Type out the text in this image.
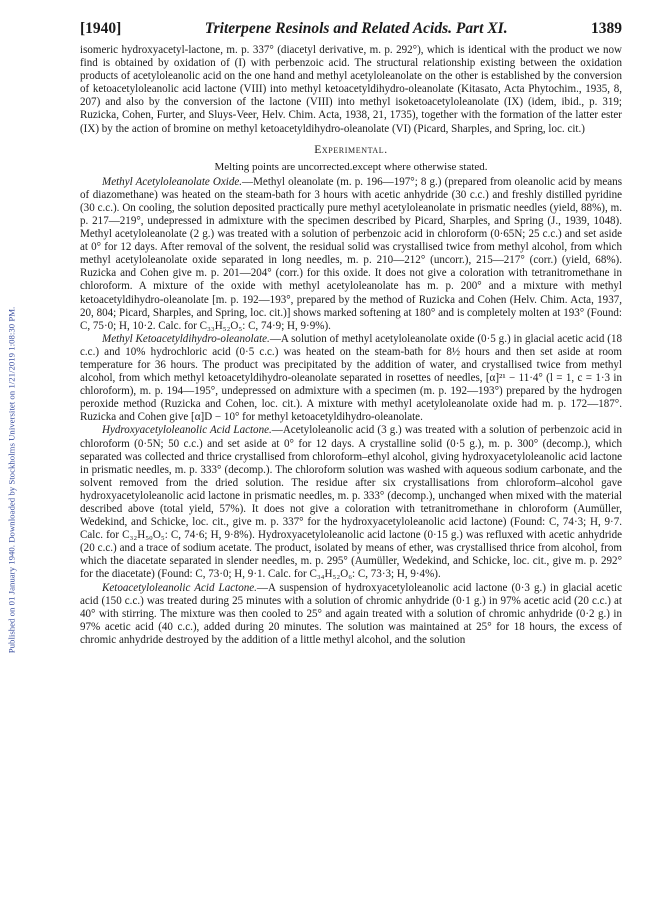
Published on 01 January 1940. Downloaded by Stockholms Universitet on 1/21/2019 1:08:30 PM.
[1940]	Triterpene Resinols and Related Acids. Part XI.	1389

isomeric hydroxyacetyl-lactone, m. p. 337° (diacetyl derivative, m. p. 292°), which is identical with the product we now find is obtained by oxidation of (I) with perbenzoic acid. The structural relationship existing between the oxidation products of acetyloleanolic acid on the one hand and methyl acetyloleanolate on the other is established by the conversion of ketoacetyloleanolic acid lactone (VIII) into methyl ketoacetyldihydro-oleanolate (Kitasato, Acta Phytochim., 1935, 8, 207) and also by the conversion of the lactone (VIII) into methyl isoketoacetyloleanolate (IX) (idem, ibid., p. 319; Ruzicka, Cohen, Furter, and Sluys-Veer, Helv. Chim. Acta, 1938, 21, 1735), together with the formation of the latter ester (IX) by the action of bromine on methyl ketoacetyldihydro-oleanolate (VI) (Picard, Sharples, and Spring, loc. cit.)

Experimental.
Melting points are uncorrected.except where otherwise stated.

Methyl Acetyloleanolate Oxide.—Methyl oleanolate (m. p. 196—197°; 8 g.) (prepared from oleanolic acid by means of diazomethane) was heated on the steam-bath for 3 hours with acetic anhydride (30 c.c.) and freshly distilled pyridine (30 c.c.). On cooling, the solution deposited practically pure methyl acetyloleanolate in prismatic needles (yield, 88%), m. p. 217—219°, undepressed in admixture with the specimen described by Picard, Sharples, and Spring (J., 1939, 1048). Methyl acetyloleanolate (2 g.) was treated with a solution of perbenzoic acid in chloroform (0·65N; 25 c.c.) and set aside at 0° for 12 days. After removal of the solvent, the residual solid was crystallised twice from methyl alcohol, from which methyl acetyloleanolate oxide separated in long needles, m. p. 210—212° (uncorr.), 215—217° (corr.) (yield, 68%). Ruzicka and Cohen give m. p. 201—204° (corr.) for this oxide. It does not give a coloration with tetranitromethane in chloroform. A mixture of the oxide with methyl acetyloleanolate has m. p. 200° and a mixture with methyl ketoacetyldihydro-oleanolate [m. p. 192—193°, prepared by the method of Ruzicka and Cohen (Helv. Chim. Acta, 1937, 20, 804; Picard, Sharples, and Spring, loc. cit.)] shows marked softening at 180° and is completely molten at 193° (Found: C, 75·0; H, 10·2. Calc. for C₃₃H₅₂O₅: C, 74·9; H, 9·9%).

Methyl Ketoacetyldihydro-oleanolate.—A solution of methyl acetyloleanolate oxide (0·5 g.) in glacial acetic acid (18 c.c.) and 10% hydrochloric acid (0·5 c.c.) was heated on the steam-bath for 8½ hours and then set aside at room temperature for 36 hours. The product was precipitated by the addition of water, and crystallised twice from methyl alcohol, from which methyl ketoacetyldihydro-oleanolate separated in rosettes of needles, [α]²¹ − 11·4° (l = 1, c = 1·3 in chloroform), m. p. 194—195°, undepressed on admixture with a specimen (m. p. 192—193°) prepared by the hydrogen peroxide method (Ruzicka and Cohen, loc. cit.). A mixture with methyl acetyloleanolate oxide had m. p. 172—187°. Ruzicka and Cohen give [α]D − 10° for methyl ketoacetyldihydro-oleanolate.

Hydroxyacetyloleanolic Acid Lactone.—Acetyloleanolic acid (3 g.) was treated with a solution of perbenzoic acid in chloroform (0·5N; 50 c.c.) and set aside at 0° for 12 days. A crystalline solid (0·5 g.), m. p. 300° (decomp.), which separated was collected and thrice crystallised from chloroform–ethyl alcohol, giving hydroxyacetyloleanolic acid lactone in prismatic needles, m. p. 333° (decomp.). The chloroform solution was washed with aqueous sodium carbonate, and the solvent removed from the dried solution. The residue after six crystallisations from chloroform–alcohol gave hydroxyacetyloleanolic acid lactone in prismatic needles, m. p. 333° (decomp.), unchanged when mixed with the material described above (total yield, 57%). It does not give a coloration with tetranitromethane in chloroform (Aumüller, Wedekind, and Schicke, loc. cit., give m. p. 337° for the hydroxyacetyloleanolic acid lactone) (Found: C, 74·3; H, 9·7. Calc. for C₃₂H₅₀O₅: C, 74·6; H, 9·8%). Hydroxyacetyloleanolic acid lactone (0·15 g.) was refluxed with acetic anhydride (20 c.c.) and a trace of sodium acetate. The product, isolated by means of ether, was crystallised thrice from alcohol, from which the diacetate separated in slender needles, m. p. 295° (Aumüller, Wedekind, and Schicke, loc. cit., give m. p. 292° for the diacetate) (Found: C, 73·0; H, 9·1. Calc. for C₃₄H₅₂O₆: C, 73·3; H, 9·4%).

Ketoacetyloleanolic Acid Lactone.—A suspension of hydroxyacetyloleanolic acid lactone (0·3 g.) in glacial acetic acid (150 c.c.) was treated during 25 minutes with a solution of chromic anhydride (0·1 g.) in 97% acetic acid (20 c.c.) at 40° with stirring. The mixture was then cooled to 25° and again treated with a solution of chromic anhydride (0·2 g.) in 97% acetic acid (40 c.c.), added during 20 minutes. The solution was maintained at 25° for 18 hours, the excess of chromic anhydride destroyed by the addition of a little methyl alcohol, and the solution
